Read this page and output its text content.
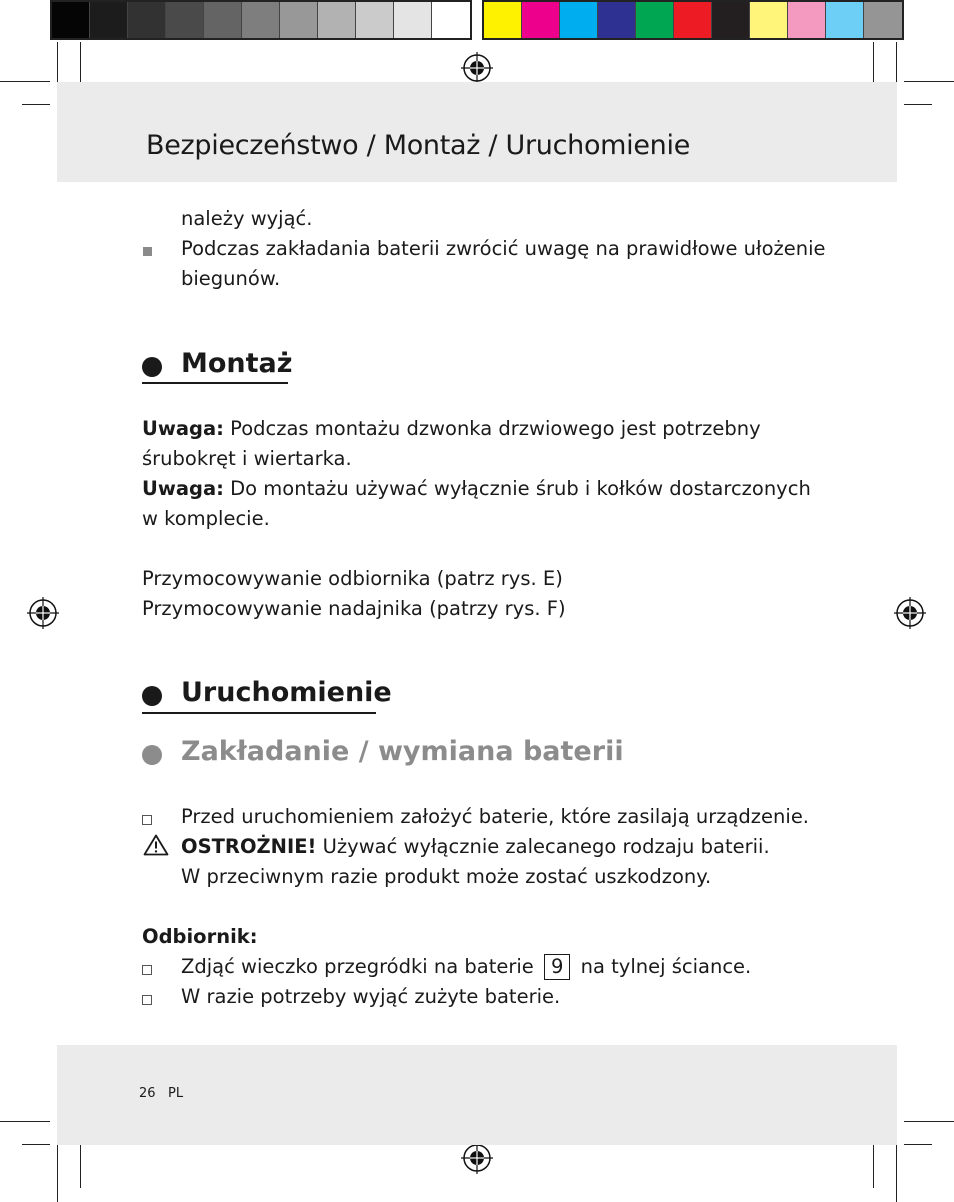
Bezpieczeństwo / Montaż / Uruchomienie
należy wyjąć.
Podczas zakładania baterii zwrócić uwagę na prawidłowe ułożenie
biegunów.
Montaż
Uwaga: Podczas montażu dzwonka drzwiowego jest potrzebny
śrubokręt i wiertarka.
Uwaga: Do montażu używać wyłącznie śrub i kołków dostarczonych
w komplecie.
Przymocowywanie odbiornika (patrz rys. E)
Przymocowywanie nadajnika (patrzy rys. F)
Uruchomienie
Zakładanie / wymiana baterii
Przed uruchomieniem założyć baterie, które zasilają urządzenie.
OSTROŻNIE! Używać wyłącznie zalecanego rodzaju baterii.
W przeciwnym razie produkt może zostać uszkodzony.
Odbiornik:
Zdjąć wieczko przegródki na baterie 9 na tylnej ściance.
W razie potrzeby wyjąć zużyte baterie.
26 PL
